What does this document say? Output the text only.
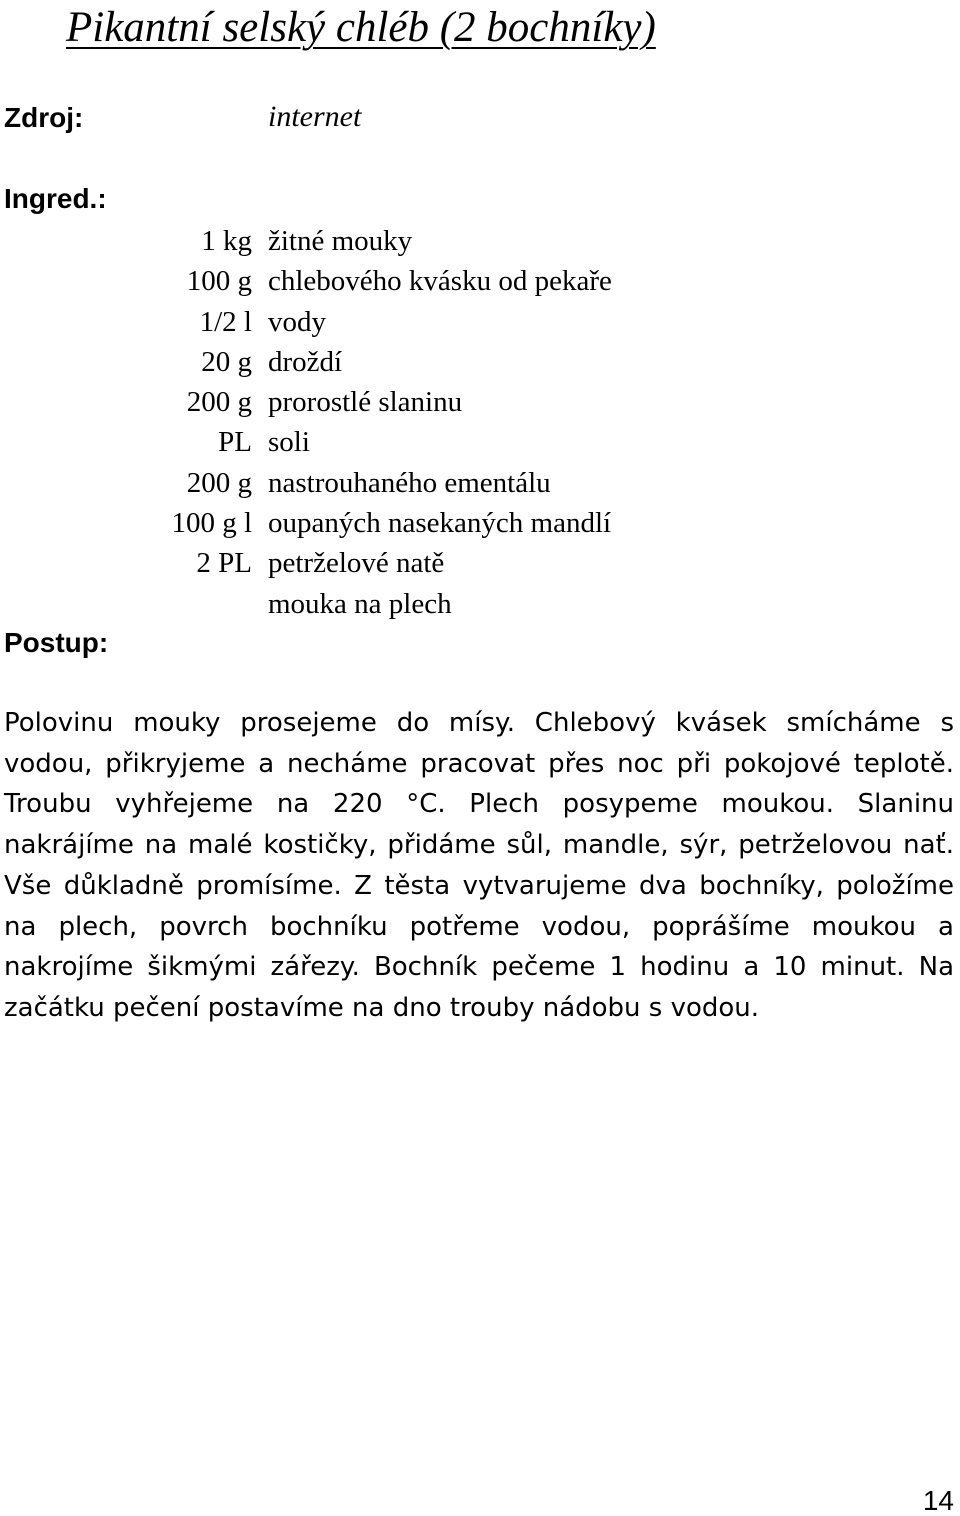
Pikantní selský chléb (2 bochníky)
Zdroj:	internet
Ingred.:
1 kg žitné mouky
100 g chlebového kvásku od pekaře
1/2 l vody
20 g droždí
200 g prorostlé slaninu
PL soli
200 g nastrouhaného ementálu
100 g l oupaných nasekaných mandlí
2 PL petrželové natě
mouka na plech
Postup:

Polovinu mouky prosejeme do mísy. Chlebový kvásek smícháme s vodou, přikryjeme a necháme pracovat přes noc při pokojové teplotě. Troubu vyhřejeme na 220 °C. Plech posypeme moukou. Slaninu nakrájíme na malé kostičky, přidáme sůl, mandle, sýr, petrželovou nať. Vše důkladně promísíme. Z těsta vytvarujeme dva bochníky, položíme na plech, povrch bochníku potřeme vodou, poprášíme moukou a nakrojíme šikmými zářezy. Bochník pečeme 1 hodinu a 10 minut. Na začátku pečení postavíme na dno trouby nádobu s vodou.

14
